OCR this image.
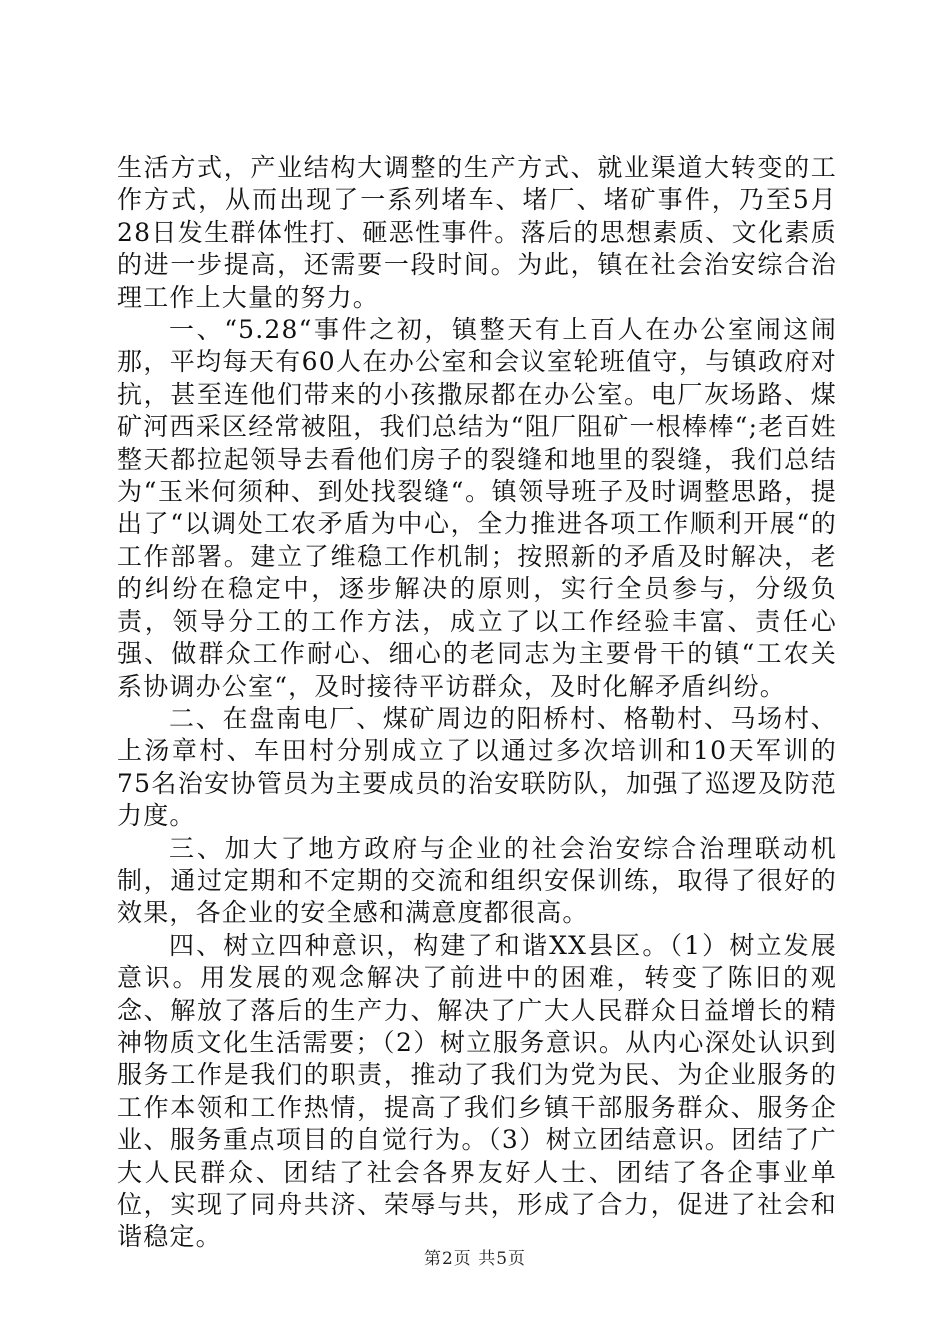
生活方式，产业结构大调整的生产方式、就业渠道大转变的工作方式，从而出现了一系列堵车、堵厂、堵矿事件，乃至5月28日发生群体性打、砸恶性事件。落后的思想素质、文化素质的进一步提高，还需要一段时间。为此，镇在社会治安综合治理工作上大量的努力。

一、“5.28“事件之初，镇整天有上百人在办公室闹这闹那，平均每天有60人在办公室和会议室轮班值守，与镇政府对抗，甚至连他们带来的小孩撒尿都在办公室。电厂灰场路、煤矿河西采区经常被阻，我们总结为“阻厂阻矿一根棒棒“;老百姓整天都拉起领导去看他们房子的裂缝和地里的裂缝，我们总结为“玉米何须种、到处找裂缝“。镇领导班子及时调整思路，提出了“以调处工农矛盾为中心，全力推进各项工作顺利开展“的工作部署。建立了维稳工作机制；按照新的矛盾及时解决，老的纠纷在稳定中，逐步解决的原则，实行全员参与，分级负责，领导分工的工作方法，成立了以工作经验丰富、责任心强、做群众工作耐心、细心的老同志为主要骨干的镇“工农关系协调办公室“，及时接待平访群众，及时化解矛盾纠纷。

二、在盘南电厂、煤矿周边的阳桥村、格勒村、马场村、上汤章村、车田村分别成立了以通过多次培训和10天军训的75名治安协管员为主要成员的治安联防队，加强了巡逻及防范力度。

三、加大了地方政府与企业的社会治安综合治理联动机制，通过定期和不定期的交流和组织安保训练，取得了很好的效果，各企业的安全感和满意度都很高。

四、树立四种意识，构建了和谐XX县区。（1）树立发展意识。用发展的观念解决了前进中的困难，转变了陈旧的观念、解放了落后的生产力、解决了广大人民群众日益增长的精神物质文化生活需要；（2）树立服务意识。从内心深处认识到服务工作是我们的职责，推动了我们为党为民、为企业服务的工作本领和工作热情，提高了我们乡镇干部服务群众、服务企业、服务重点项目的自觉行为。（3）树立团结意识。团结了广大人民群众、团结了社会各界友好人士、团结了各企事业单位，实现了同舟共济、荣辱与共，形成了合力，促进了社会和谐稳定。

第2页 共5页
